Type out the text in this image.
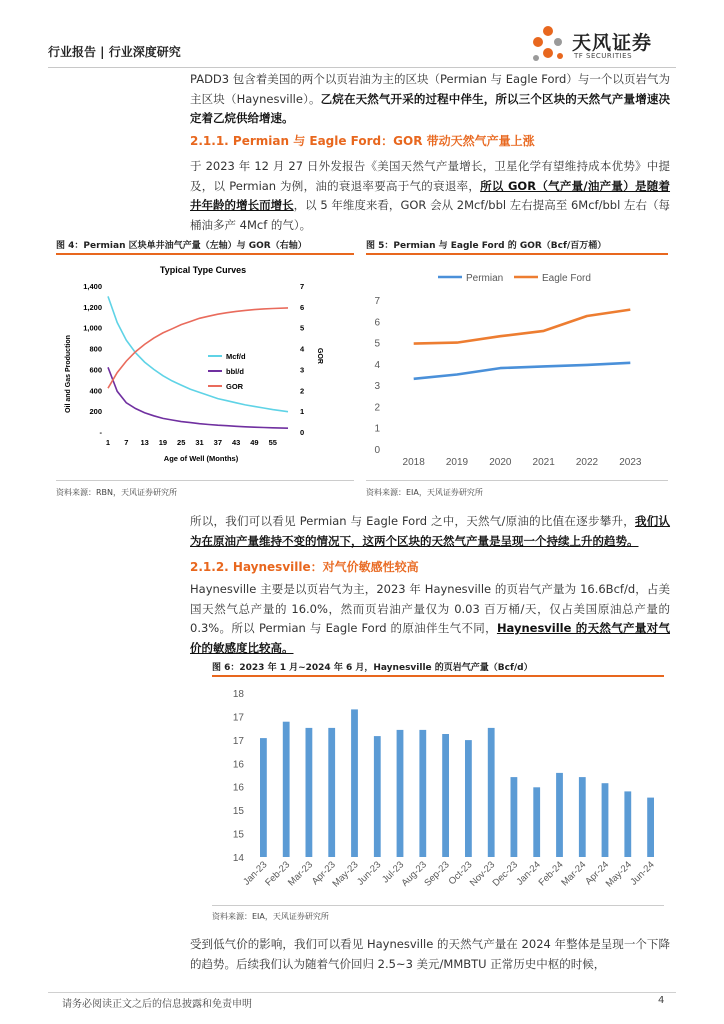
行业报告 | 行业深度研究	天风证券
TF SECURITIES
PADD3 包含着美国的两个以页岩油为主的区块（Permian 与 Eagle Ford）与一个以页岩气为主区块（Haynesville）。乙烷在天然气开采的过程中伴生，所以三个区块的天然气产量增速决定着乙烷供给增速。
2.1.1. Permian 与 Eagle Ford：GOR 带动天然气产量上涨
于 2023 年 12 月 27 日外发报告《美国天然气产量增长，卫星化学有望维持成本优势》中提及，以 Permian 为例，油的衰退率要高于气的衰退率，所以 GOR（气产量/油产量）是随着井年龄的增长而增长，以 5 年维度来看，GOR 会从 2Mcf/bbl 左右提高至 6Mcf/bbl 左右（每桶油多产 4Mcf 的气）。
图 4：Permian 区块单井油气产量（左轴）与 GOR（右轴）
Typical Type Curves
Oil and Gas Production	GOR
Age of Well (Months)
-
200
400
600
800
1,000
1,200
1,400
0
1
2
3
4
5
6
7
1 7 13 19 25 31 37 43 49 55
Mcf/d
bbl/d
GOR
资料来源：RBN，天风证券研究所
图 5：Permian 与 Eagle Ford 的 GOR（Bcf/百万桶）
Permian	Eagle Ford
0
1
2
3
4
5
6
7
2018 2019 2020 2021 2022 2023
资料来源：EIA，天风证券研究所
所以，我们可以看见 Permian 与 Eagle Ford 之中，天然气/原油的比值在逐步攀升，我们认为在原油产量维持不变的情况下，这两个区块的天然气产量是呈现一个持续上升的趋势。
2.1.2. Haynesville：对气价敏感性较高
Haynesville 主要是以页岩气为主，2023 年 Haynesville 的页岩气产量为 16.6Bcf/d，占美国天然气总产量的 16.0%，然而页岩油产量仅为 0.03 百万桶/天，仅占美国原油总产量的 0.3%。所以 Permian 与 Eagle Ford 的原油伴生气不同，Haynesville 的天然气产量对气价的敏感度比较高。
图 6：2023 年 1 月~2024 年 6 月，Haynesville 的页岩气产量（Bcf/d）
14
15
15
16
16
17
17
18
Jan-23
Feb-23
Mar-23
Apr-23
May-23
Jun-23
Jul-23
Aug-23
Sep-23
Oct-23
Nov-23
Dec-23
Jan-24
Feb-24
Mar-24
Apr-24
May-24
Jun-24
资料来源：EIA，天风证券研究所
受到低气价的影响，我们可以看见 Haynesville 的天然气产量在 2024 年整体是呈现一个下降的趋势。后续我们认为随着气价回归 2.5~3 美元/MMBTU 正常历史中枢的时候，
请务必阅读正文之后的信息披露和免责申明	4
